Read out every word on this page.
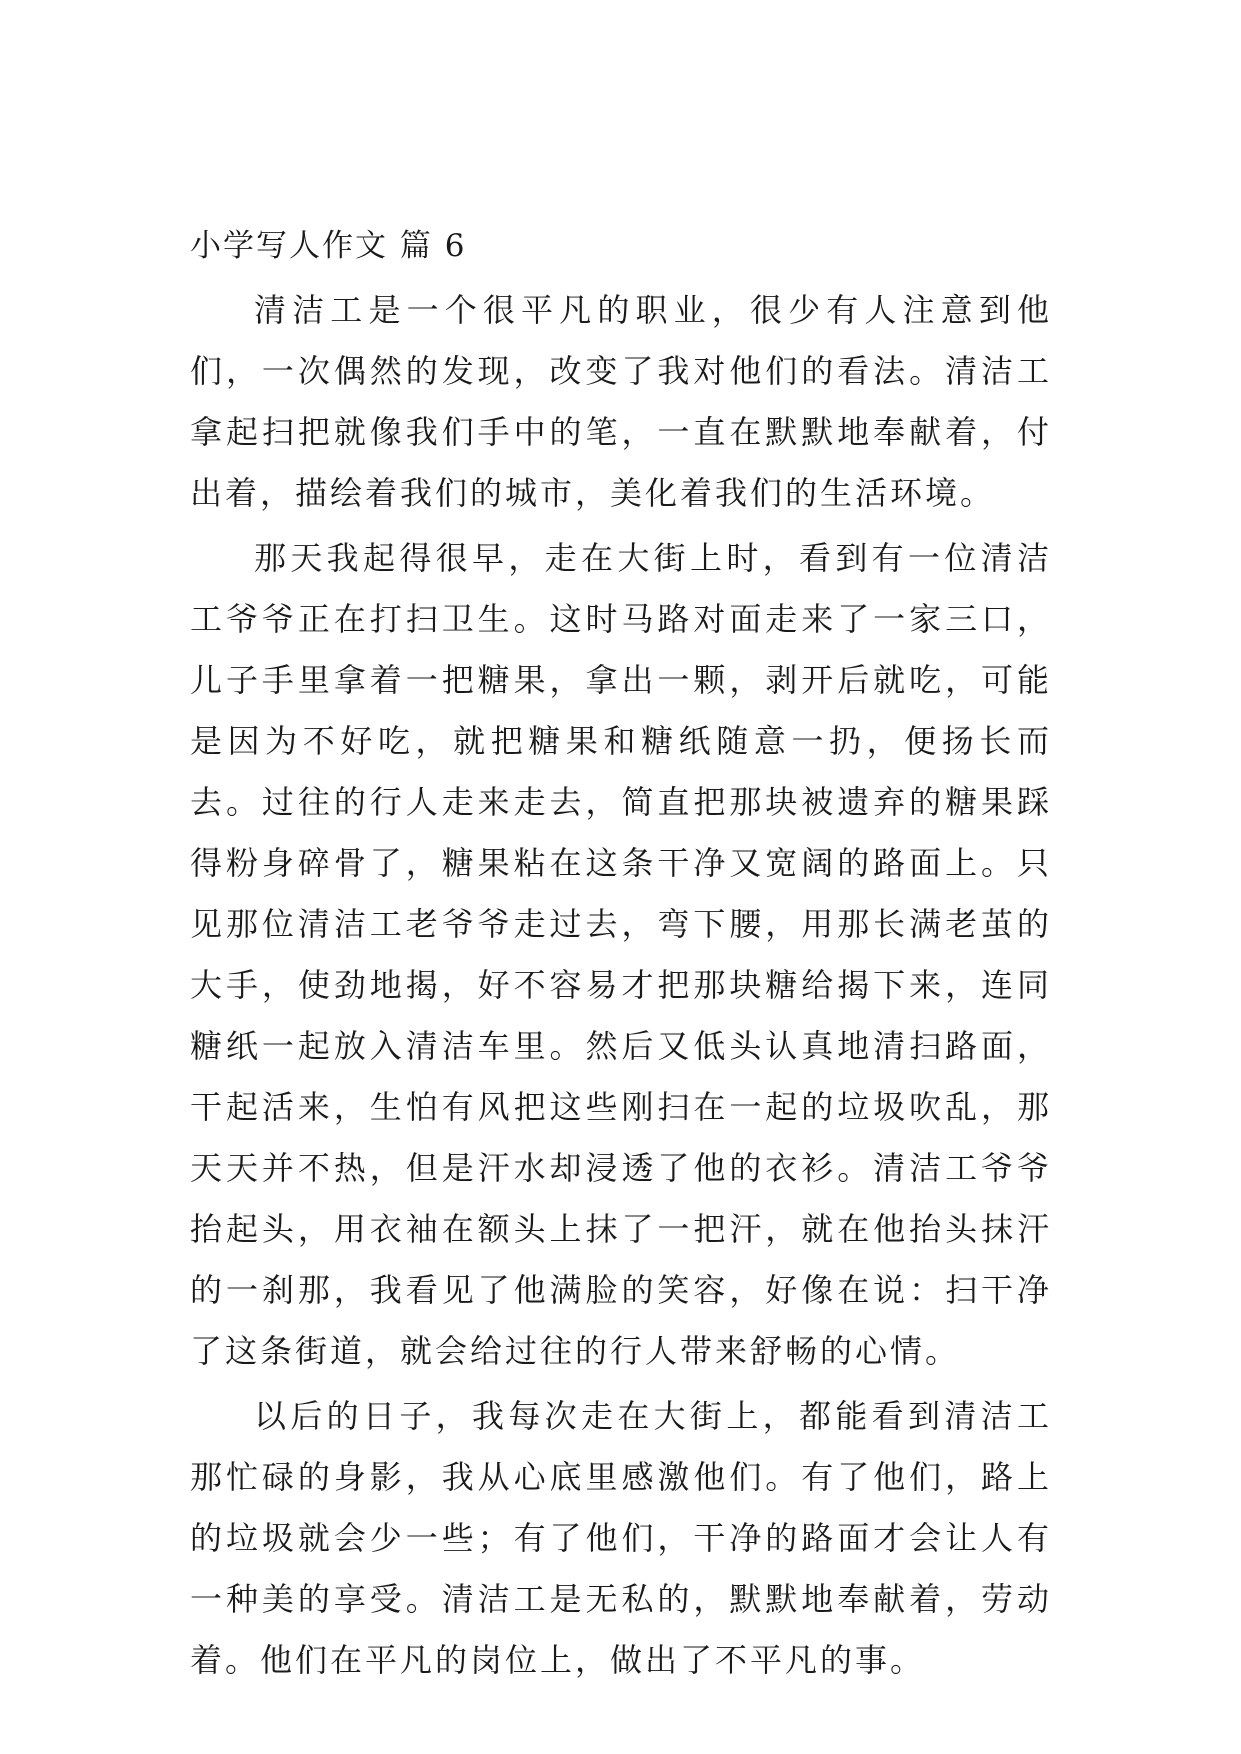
小学写人作文 篇 6

清洁工是一个很平凡的职业，很少有人注意到他们，一次偶然的发现，改变了我对他们的看法。清洁工拿起扫把就像我们手中的笔，一直在默默地奉献着，付出着，描绘着我们的城市，美化着我们的生活环境。

那天我起得很早，走在大街上时，看到有一位清洁工爷爷正在打扫卫生。这时马路对面走来了一家三口，儿子手里拿着一把糖果，拿出一颗，剥开后就吃，可能是因为不好吃，就把糖果和糖纸随意一扔，便扬长而去。过往的行人走来走去，简直把那块被遗弃的糖果踩得粉身碎骨了，糖果粘在这条干净又宽阔的路面上。只见那位清洁工老爷爷走过去，弯下腰，用那长满老茧的大手，使劲地揭，好不容易才把那块糖给揭下来，连同糖纸一起放入清洁车里。然后又低头认真地清扫路面，干起活来，生怕有风把这些刚扫在一起的垃圾吹乱，那天天并不热，但是汗水却浸透了他的衣衫。清洁工爷爷抬起头，用衣袖在额头上抹了一把汗，就在他抬头抹汗的一刹那，我看见了他满脸的笑容，好像在说：扫干净了这条街道，就会给过往的行人带来舒畅的心情。

以后的日子，我每次走在大街上，都能看到清洁工那忙碌的身影，我从心底里感激他们。有了他们，路上的垃圾就会少一些；有了他们，干净的路面才会让人有一种美的享受。清洁工是无私的，默默地奉献着，劳动着。他们在平凡的岗位上，做出了不平凡的事。
